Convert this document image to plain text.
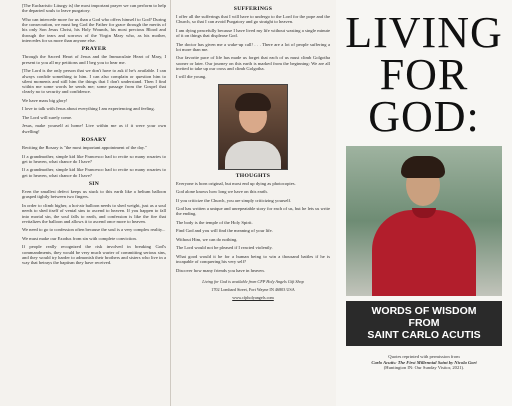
[The Eucharistic Liturgy is] the most important prayer we can perform to help the departed souls to leave purgatory.

Who can intercede more for us than a God who offers himself to God? During the consecration, we must beg God the Father for grace through the merits of his only Son Jesus Christ, his Holy Wounds, his most precious Blood and through the tears and sorrows of the Virgin Mary who, as his mother, intercedes for us more than anyone else.

PRAYER

Through the Sacred Heart of Jesus and the Immaculate Heart of Mary, I present to you all my petitions and I beg you to hear me.

[The Lord is the only person that we don't have to ask if he's available. I can always confide something to him. I can also complain or question him to silent moments and still him the things that I don't understand. Then I find within me some words he sends me; some passage from the Gospel that clearly no to security and confidence.

We have mass big glory!

I love to talk with Jesus about everything I am experiencing and feeling.

The Lord will surely come.

Jesus, make yourself at home! Live within me as if it were your own dwelling!

ROSARY

Reciting the Rosary is "the most important appointment of the day."

If a grandmother, simple kid like Francesco had to recite so many rosaries to get to heaven, what chance do I have?

If a grandmother, simple kid like Francesco had to recite so many rosaries to get to heaven, what chance do I have?

SIN

Even the smallest defect keeps us stuck to this earth like a helium balloon grasped tightly between two fingers.

In order to climb higher, a hot-air balloon needs to shed weight, just as a soul needs to shed itself of venial sins to ascend to heaven. If you happen to fall into mortal sin, the soul falls to earth, and confession is like the fire that revitalizes the balloon and allows it to ascend once more to heaven.

We need to go to confession often because the soul is a very complex reality...

We must make our Exodus from sin with complete conviction.

If people really recognized the risk involved in breaking God's commandments, they would be very much warier of committing serious sins, and they would try harder to admonish their brothers and sisters who live in a way that betrays the baptism they have received.

SUFFERINGS

I offer all the sufferings that I will have to undergo to the Lord for the pope and the Church, so that I can avoid Purgatory and go straight to heaven.

I am dying peacefully because I have lived my life without wasting a single minute of it on things that displease God.

The doctor has given me a wake-up call! . . . There are a lot of people suffering a lot more than me.

Our favorite pace of life has made us forget that each of us must climb Golgotha sooner or later. Our journey on this earth is marked from the beginning: We are all invited to take up our cross and climb Golgotha.

I will die young.

THOUGHTS

Everyone is born original, but most end up dying as photocopies.

God alone knows how long we have on this earth.

If you criticize the Church, you are simply criticizing yourself.

God has written a unique and unrepeatable story for each of us, but he lets us write the ending.

The body is the temple of the Holy Spirit.

Find God and you will find the meaning of your life.

Without Him, we can do nothing.

The Lord would not be pleased if I reacted violently.

What good would it be for a human being to win a thousand battles if he is incapable of conquering his very self?

Discover how many friends you have in heaven.

Living for God is available from CFP Holy Angels Gift Shop

1702 Lombard Street, Fort Wayne IN 46803 USA

www.cfpholyangels.com

LIVING
FOR
GOD:
WORDS OF WISDOM
FROM
SAINT CARLO ACUTIS
Quotes reprinted with permission from
Carlo Acutis: The First Millennial Saint by Nicola Gori
(Huntington IN: Our Sunday Visitor, 2021).
